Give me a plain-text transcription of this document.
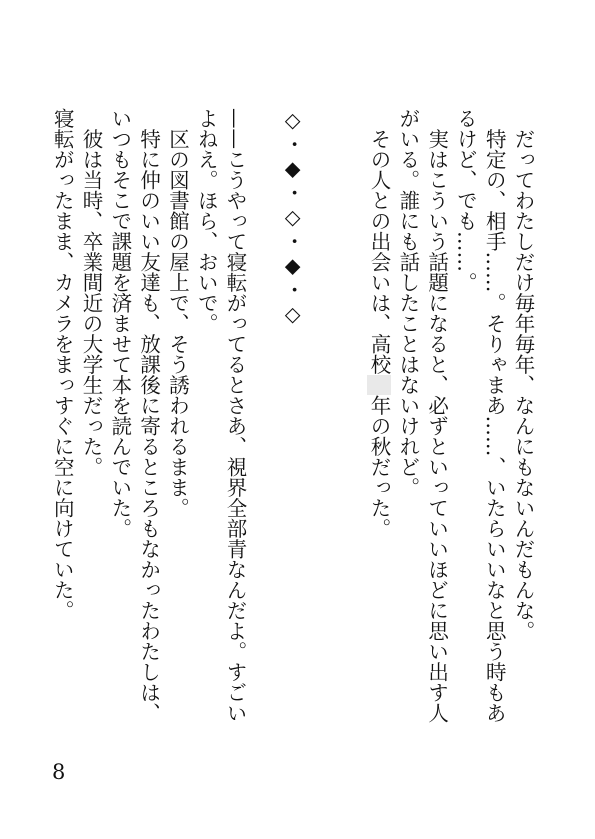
　だってわたしだけ毎年毎年、なんにもないんだもんな。

　特定の、相手……。そりゃまあ……、いたらいいなと思う時もあ

るけど、でも……。

　実はこういう話題になると、必ずといっていいほどに思い出す人

がいる。誰にも話したことはないけれど。

　その人との出会いは、高校年の秋だった。

◇・◆・◇・◆・◇

——こうやって寝転がってるとさあ、視界全部青なんだよ。すごい

よねえ。ほら、おいで。

　区の図書館の屋上で、そう誘われるまま。

　特に仲のいい友達も、放課後に寄るところもなかったわたしは、

いつもそこで課題を済ませて本を読んでいた。

　彼は当時、卒業間近の大学生だった。

寝転がったまま、カメラをまっすぐに空に向けていた。

8
